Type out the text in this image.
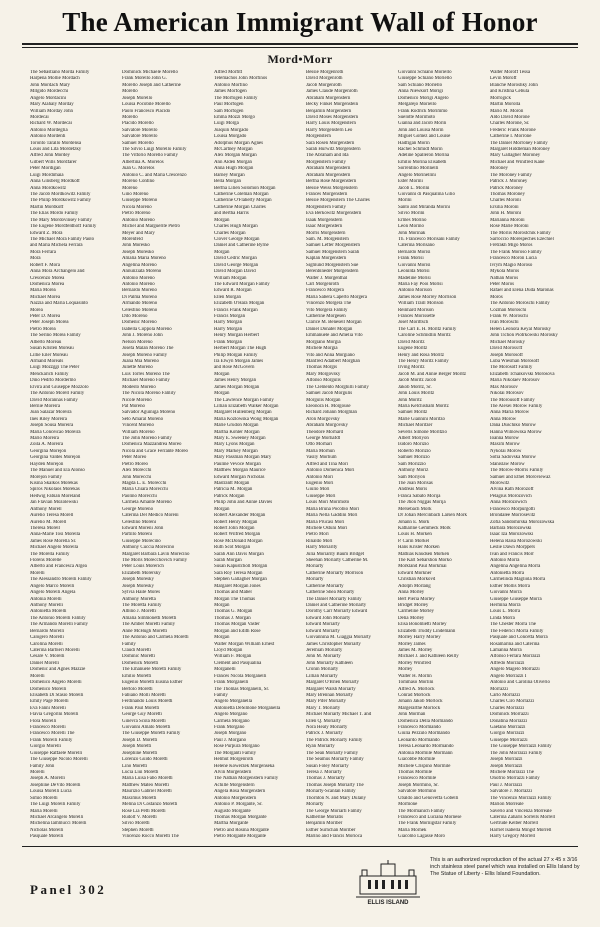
The American Immigrant Wall of Honor
Mord•Morr
The Sebastiano Morda Family
Harpena Mollie Mordach
John Mordach Mary
Mllgido Mordecchi
Angelo Mordacini
Mary Alahaly Morday
William Morday John
Mordecai
Richard W. Mordecai
Antonio Mordeglia
Antonio Mordenti
Toronto Tarallo Mordensa
Louis and Lita Mordetzky
Alfred John Mordey
Gilbert Wills Mordfarer
Peter Mordigan
Luigi Mordimaia
Anna Ginsberg Mordkoff
Anna Mordkowitz
The Jacob Mordkowitz Family
The Philip Mordkowitz Family
Martin Mordkoff
The Elias Mordo Family
The Mary Mordovinsey Family
The Eugene Mordfeldhoff Family
Edward Z. Mora
The Michael Mora Family Paolo
and Maria Michela Ferrara
Mora Ferrara
Mora
Robert F. Mora
Anna Mora Archangelo and
Crescenzo Morea
Domenica Morea
Maria Morea
Michael Morea
Nazzia and Maria Loquasinto
Morea
Peter D. Morea
Peter Joseph Morea
Pietro Morea
The Serino Morea Family
Alberto Moreau
Susan Kristen Moreau
Lillie Eiler Moreau
Armand Moreals
Luigi Mozzggi The Peter
Menckarich Family
Dino Pedrto Mordermo
Elvira and Giuseppe Mozzolo
The Antonio Morell Family
David Morannas Family
Bernie Moreira
Joan Salazar Moreira
Ines Riley Moreira
Joseph Sousa Moreira
Maria Conceicao Moreira
Mario Moreira
Zoila A. Moreira
Georgina Morejon
Georgina Valdes Morejon
Hayden Morejon
The Manuel and Ela Alonso
Morejon Family
Kisina Skalkos Morekas
Spiros Nikolaos Morekas
Hedwig Fabian Moreland
Jan Flavian Mozolewski
Anthony Morell
Aurelio Teresa Morell
Aurelio M. Morell
Theresa Morell
Anna-Marie Tosi Morella
James Rose Morella Sr.
Michael Angelo Morella
The Morella Family
Florens Morelle
Alberto and Francesca Argea
Morelli
The Alessandro Morelli Family
Angelo Marco Morelli
Angelo Morelli Angela
Antonia Morelli
Anthony Morelli
Antonietta Morelli
The Antonio Morelli Family
The Armando Morelli Family
Bernardo Morelli
Calogero Morelli
Carolina Morelli
Caterina Barbieri Morelli
Cesare V. Morelli
Daniel Morelli
Domenic and Agnes Mazzie
Morelli
Domenico Angelo Morelli
Domenico Morelli
Elisabeth Di Stasio Morelli
Emily Page Morelli
Eva Fanni Morelli
Flavia Gregorini Morelli
Flora Morelli
Francesco Morelli
Francesco Morelli The
Frank Morelli Family
Giorgio Morelli
Giuseppe Raffaele Morelli
The Giuseppe Nicolo Morelli
Family John
Morelli
Joseph A. Morelli
Josephine DeVito Morelli
Louisa Morelli Lucia
Simio Morelli
The Luigi Morelli Family
Maria Morelli
Michael Arcangelo Morelli
Michelina Iammucci Morelli
Nicholas Morelli
Pasquale Morelli
Dominick Michaele Morello
Frank Morello John G.
Morello Joseph and Catherine
Morello
Joseph Morello
Louisa Pocobile Morello
Paolo Francesco Placido
Morello
Placido Morello
Salvatore Morello
Salvatore Morello
Samuel Morello
The Silvio Luigi Morello Family
The Vittorio Morello Family
Albertina A. Morelos
Juan G. Morelos
Antonio C. and Maria Crescenzo
Moreno Contino
Moreno
Gino Moreno
Giuseppe Moreno
Nicola Moreno
Pietro Moreno
Antonio Moreno
Michel and Marguerite Pietro
Meyer and Mary
Morenfeld
John Moresko
Joseph Moresko
Amalia Maria Moreno
Angelina Moreno
Annunziata Moreno
Antonio Moreno
Antonio Moreno
Bernardo Moreno
Di Palma Moreno
Armando Moreno
Celestino Moreno
Dito Moreno
Domenic Moreno
Isabella Coppola Moreno
John J. Moreno John
Nelson Moreno
Josefa Malan Moreno The
Joseph Moreno Family
Juana Mia Moreno
Juliette Moreno
Luis Torres Moreno The
Michael Moreno Family
Modesto Moreno
The Nicola Moreno Family
Nicole Moreno
Pat Moreno
Salvador Aguiniga Moreno
Seto Amaral Moreno
Vincent Moreno
William Moreno
The John Moreno Family
Domenica Mazzandrea Moreo
Nicola and Grace Ferrante Moreo
Peter Moreo
Pietro Moreo
Alex Morecchi
John Morecchi
Magda L. E. Morecchi
Maria Chiara Morecchi
Paolino Morecchi
Carmela Amante Moreno
George Moreno
Caterina Del Medico Moreni
Celestino Moreni
Edward Moreni John
Partillo Moreni
Giuseppe Morecino
Anthony Cuccia Morecino
Margaret Barbara Lavin Morecino
The Moris Morecchovich Family
Peter Louis Morerich
Elizabeth Morersky
Joseph Moresky
Joseph Moresky
Sylvia Haile Mores
Anthony Moretta
The Moretta Family
Albino J. Moretti
Amalia Simmonetti Moretti
The Amber Moretti Family
Anne McHugh Moretti
The Antonio and Carmela Moretti
Family
Claudi Moretti
Dominic Moretti
Domenick Moretti
The Emanuele Moretti Family
Emilio Moretti
Eugenio Moretti Eusina Esther
Bertolo Moretti
Fabiano Molli Moretti
Ferdinando Louis Moretti
Frank Paul Moretti
George Guy Moretti
Ginevra Scola Moretti
Giovanni Amato Moretti
The Giuseppe Moretti Family
Joseph D. Moretti
Joseph Moretti
Josephine Moretti
Lorenzo Guido Moretti
Lino Moretti
Lucia Liui Moretti
Maria Luisa Fabo Moretti
Matthew Mateo Moretti
Maurizio Gabriel Moretti
Maximus Moretti
Melina Di Costanzo Moretti
Rose Lia Petti Moretti
Rudolf V. Moretti
Silvio Moretti
Stephen Moretti
Vincenzo Rocco Moretti The
Alfred Morfitt
Telemachos John Morfinos
Antonio Morfino
James Morfogen
The Morfogen Family
Paul Morfogen
Sam Morfogen
Emma Mozzi Morgo
Luigi Morga
Joaquin Morgado
Louisa Morgado
Adolphus Morgan Agnes
McCartney Morgan
Alex Morgan Morgan
Ann Alden Morgan
Anna Hugh Morgan
Barney Morgan
Bella Morgan
Bertha Lilien Solomon Morgan
Catherine Coleman Morgan
Catherine O'Flaherty Morgan
Catherine Morgan Charles
and Bertha Harris
Morgan
Charles Hugh Morgan
Charles Morgan
Clover George Morgan
Daniel and Catherine Byrne
Morgan
David Cedric Morgan
David George Morgan
David Morgan David
William Morgan
The Edward Morgan Family
Edward R. Morgan
Ellen Morgan
Elizabeth O'Hara Morgan
Francis Frank Morgan
Francis Morgan
Harry Morgan
Harry Morgan
Henry Morgan Herbert
Frank Morgan
Herbert Morgan The Hugh
Philip Morgan Family
Ira Elwyn Morgan James
and Rose McGovern
Morgan
James Henry Morgan
James Morgan Morgan
Morgan
The Lawrence Morgan Family
Lillian Elizabeth Walker Morgan
Margaret Hullenberg Morgan
Maria Kozlowska Wong Morgan
Marie Grudon Morgan
Martha Kohler Morgan
Mary E. Sweeney Morgan
Mary Lyons Morgan
Mary Markey Morgan
Mary Passman Morgan Mary
Pauline Vevoce Morgan
Matthew Morgan Maurice
Edward Morgan Nicholas
Mastrantt Morgan
Patricia M. Morgan
Patrick Morgan
Philip John and Annie Davies
Morgan
Robert Alexander Morgan
Robert Henry Morgan
Robert John Morgan
Robert Wilfred Morgan
Rose McDonald Morgan
Ruth Scot Morgan
Sarah Ann Davis Morgan
Sarah Morgan
Susan Kapustcholl Morgan
Sara Roy Teresa Morgan
Stephen Gallagher Morgan
Margaret Morgan Jones
Thomas and Mabel
Morgan The Thomas
Morgan
Thomas G. Morgan
Thomas J. Morgan
Thomas Morgan Vaster
Morgan and Edith Rose
Morgan
Walter Morgan William Ernest
Lloyd Morgan
William F. Morgan
Clement and Pasqualina
Morganelli
Frances Nicola Morganelli
Frank Morganelli
The Thomas Morganelli, Sr.
Family
Angelo Morganella
Antonietta DeSimone Morganella
Angelo Morgano
Carmela Morgano
Frank Morgano
Joseph Morgano
Paul J. Morgano
Rose Purpura Morgano
The Morganti Family
Helmut Morgenroth
Helene Kowerzek Morgenseka
Alvin Morgenstern
The Nathan Morgenstern Family
Achille Morgenstern
Angela Rosa Morgenstern
Antonio Morgenstern
Antonio P. Morgante, Sr.
Augusto Morgante
Thomas Morgan Morgante
Martha Morgante
Pietro and Rosina Morgante
Pietro Morgante Morgante
Bessie Morgenroth
David Morgenroth
Jacob Morgenroth
James Claude Morgenroth
Abraham Morgenstern
Becky Finkel Morgenstein
Benjamin Morgenstern
David Moses Morgenstern
Harry Louis Morgenstern
Harry Morgenstern Leo
Morgenstern
Sara Rosen Morgenstern
Sarah Hurwitz Morgenstern
The Abraham and Ida
Morgenstern Family
Abraham Morgenstern
Abraham Morgenstern
Bertha Rose Morgenstern
Bessie Weiss Morgenstern
Frances Morgenstern
Bessie Morgenstern The Charles
Morgenstern Family
Eva Berkowitz Morgenstern
Isaak Morgenstern
Isaac Morgenstern
Morris Morgenstern
Sam. M. Morgenstern
Samuel Lefter Morgenstern
Samuel Morgenstern Sarah
Kaplan Morgenstern
Sigmund Morgenstern Sue
Berenbineder Morgenstern
Walter J. Morgenthal
Carl Morgenroth
Francesco Morgera
Maria Sabera Caperto Morgera
Vincenzo Morgera The
Vito Morgera Family
Catherine Morgesen
Clarice M. Benesell Morgan
Daniel Donatel Morgan
Emmanuele and Amelia Vito
Morgiano Morgia
Michele Morgia
Vito and Anna Morgiano
Manfred Adalbert Morghan
Thomas Morgis
Mary Morgovsky
Alfonso Morgulis
The Clemento Morghilli Family
Samuel Jacob Morgulis
Morgulis Morgan
Eleonora H. Morgouse
Richard Johann Morgman
Aron Morgovsky
Abraham Morgovsky
Theodore Morhard
George Morhafdt
Otto Morhari
Maria Morhun
Vasily Morhum
Alfred and Tina Mori
Antonio Domenica Mori
Antonio Mori
Eugenio Mori
Giulio Mori
Giuseppe Mori
Louis Mori Morimoto
Maria Bruna Pocobio Mori
Maria Nella Gaddini Mori
Maria Prucasi Mori
Michele Ostuni Mori
Pietro Mori
Rinaldo Mori
Harry Moriarity
Julia Moriarity Baum Bridget
Sheehan Moriarty Catherine M.
Moriarty
Catherine Moriarty Morrison
Moriarty
Catherine Moriarty
Catherine Shea Moriarty
The Daniel Moriarty Family
Daniel and Catherine Moriarty
Dorothy Carr Moriarty Edward
Edward John Moriarty
Edward Moriarty
Edward Moriarty
Giovannina M. Giaggia Moriarty
James Christopher Moriarty
Jeremiah Moriarty
John M. Moriarty
John Moriarty Kathleen
Cronin Moriarty
Lillian Moriarty
Margaret O'Brien Moriarty
Margaret Walsh Moriarty
Mary Brennan Moriarty
Mary Pifer Moriarty
Mary T. Moriarty
Michael Moriarty Michael T. and
Ellen Q. Moriarty
Nora Healy Moriarty
Patrick J. Moriarty
The Patrick Moriarty Family
Ryan Moriarty
The Sean Moriarty Family
The Seamus Moriarty Family
Susan Foley Moriarty
Teresa J. Moriarty
Thomas J. Moriarty
Thomas Joseph Moriarty The
Moriarty-Scanlan Family
Thornton N. and Mary Dulany
Moriarty
The George Moriarti Family
Katherine Moriatis
Benjamin Moriber
Esther Surnchan Moriber
Marino and Francis Morioca
Giovanni Schiano Moriello
Giuseppe Schiano Moriello
Sam Schiano Moriello
Anna Niewkort Morigi
Domenico Morigi Angelo
Melgarejo Moriello
Frank Rodrick Morimmo
Suelotte Morimoto
Gianna and Jacob Morin
John and Louisa Morin
Miguel Gomez and Louise
Hadfigan Morin
Rachel Schmidt Morin
Adeline Spalleron Morina
Emilio Morina Elisabeth
Sorrentino Morinelli
Angelo Morinellini
Ester Morini
Jacob L. Morini
Giovanni di Pasqualina Gilio
Morini
Santo and Miranda Morini
Silvio Morini
Ermes Morino
Leon Morino
John Morinak
Th. Francesco Morisani Family
Caterina Morisano
Bernardo Morisi
Frank Morisi
Giovanni Morisi
Leonilda Morisi
Madeline Morisi
Maria Fay Pooi Morisi
Antonio Morison
James Rose Morrey Morrison
William Traill Morison
Reinhard Morison
Frances Morissette
Josef Morittsch
The Carl E. H. Moritz Family
Caroline Schmidlin Moritz
David Moritz
Eugene Moritz
Henry and Rosa Moritz
The Henry Moritz Family
Irving Moritz
Jacob M. and Annie Berger Moritz
Jacob Moritz Jacob
Jakob Moritz, Sr.
John Louis Moritz
John Moritz
Maria Ketchisham Moritz
Samuel Moritz
Marie Giannini Moritzo
Michael Moritzer
Severis Simone Moritzio
Albert Moriyon
Isidoro Morizio
Roberto Morizio
Samuel Morizio
Sam Morizzio
Anthony Moriz
Sam Moriyon
The Joan Morisas
Andreas Moris
Franca Sabato Morija
The Jhon Niggas Morija
Mersebach Mork
Dr Johan Mercinbach Larsen Mork
Johann E. Mork
Katharine Gemmeck Mork
Louis H. Morken
P. Carin Morkel
Hans Krisler Morken
Mathias Knudsen Morken
The Karl Sebarshon Morko
Morkland Paul Morkmai
Edward Morkner
Christian Morkovd
Adolph Morlang
Anna Morley
Bert Pieria Morley
Bridget Morley
Carmeline Morley
Delia Morley
Elisa Bonomietti Morley
Elizabeth Truddy Lindemann
Morley Harry Morley
Morley James
James M. Morley
Michael J. and Kathleen Reilly
Morley Winifred
Morley
Walter H. Morlin
Tommaso Morlini
Alfred A. Morlock
Conrad Morlock
Johann Jakob Morlock
Margerarthe Morlock
John Morman
Domenica Della Mormando
Francesco Mormando
Giulia Pezzulo Mormando
Leonardo Mormando
Teresa Leonardo Mormando
Antonia Mormile Mormann
Giacobbe Mormile
Michele Crispino Mormile
Thomas Mormile
Francesco Mormile
Joseph Mormino, Sr.
Salvatore Mormino
Ubaldo and Genoveffa Gobelli
Mormone
The Mormanich Family
Francesco and Luciana Mornese
The Frank Mornigstar Family
Maria Mornek
Giacomo Lagasse Moro
Walter Moroff Tessa
Levin Moroff
Blanche Moroshky John
and Kristina Cebula
Morrogick
Martin Morolla
Mario M. Moron
Aldo David Morone
Charles Morone, Sr.
Frederic Frank Morone
Catherine I. Morrone
The Daniel Morroney Family
Margaret Hiddleman Moroney
Mary Gallagher Moroney
Michael and Winifred Kane
Moroney
The Moroney Family
Patrick J. Moroney
Patrick Moroney
Thomas Moroney
Charles Moroni
Ersilia Moroni
John H. Moroni
Marianna Moroni
Rose Marie Moroni
The Moriis Morostchik Family
Sarroccio Morespeches Ezechiel
Fretrakh Migo Moros
The Frank Moroso Family
Francesco Moron Lucia
Ivrym Magio Moroso
Mykola Moros
Nathan Moros
Peter Moros
Rafael and Elena Duda Maronas
Moros
The Antonio Moroschi Family
Cozman Moroschi
Frank W. Moroschi
Ivan Moroschi
Helen Leonora Keyal Morosky
John Tichon Piotrkowski Morosky
Michael Morosky
David Moross/ff
Joseph Morosoff
Luba Wiesman Morosoff
The Morosoff Family
Elizabeth Tchaikovski Morosova
Maria Nikolaev Morosov
Max Morosov
Nikolai Morosov
The Morousoff Family
The Alexei Morow Family
Anna Maria Morow
Anna Morow
Dana Duschiko Morow
Hanna Wilnowska Morow
Ioanna Morow
Maxim Morow
Nykolai Morow
Sofia Sadovska Morow
Stanislaw Morow
The Morow-Morris Family
Samuel and Ethel Moroviewaz
Morowitz
Alvina Rath Morozoff
Pelagius Morozovich
Anna Morozowich
Francesco Morpurgotti
Brondalee Morrosevitz
Zofia Sandomirska Morozowska
Barbara Morozowski
Isaac Iza Morozowski
Helena Raisa Morozowski
Leslie Dawn Morppers
Ivan and Francis Morr
Antonio Morra
Angelina Angelina Morra
Antonietta Morra
Carmelinda Magliola Morra
Esther Mollis Morra
Giovanni Morra
Giuseppe Giuseppe Morra
Hermina Morra
Louis L. Morra
Linda Morra
The Chester Morra The
The Federici Morra Family
Pasquale and Concetta Morra
Rosamarina and Caterina
Lamanna Morra
Alfonso Ferrara Morrazzi
Alfredo Morrazzi
Angelo Magelo Morrazzi
Angelo Morrazzi I
Antonio and Carolina Oliverio
Morrazzi
Carlo Morrazzi
Charles Ciro Morrazzi
Charles Morrazzi
Dominick Morrazzi
Donatina Morrazzi
Gaetano Morrazzi
Giorgio Morrazzi
Giuseppe Morrazzi
The Giuseppe Morrazzi Family
The John Morrazzi Family
Joseph Morrazzi
Joseph Morrazzi
Michele Morrazzi The
Onofrio Morrazzi Family
Paul J. Morrazzi
Salvatore J. Morrazzi
The Vincenzo Morrazzi Family
Marion Morreale
Saverio and Vincenza Morreale
Caterina Zaharis Sorrells Morrell
Gertrude Kelber Morrell
Harriet Isabella Mingst Morrell
Harry Gregory Morrell
Panel 302
ELLIS ISLAND
This is an authorized reproduction of the actual 27 x 45 x 3/16 inch stainless steel panel which was installed on Ellis Island by The Statue of Liberty - Ellis Island Foundation.
